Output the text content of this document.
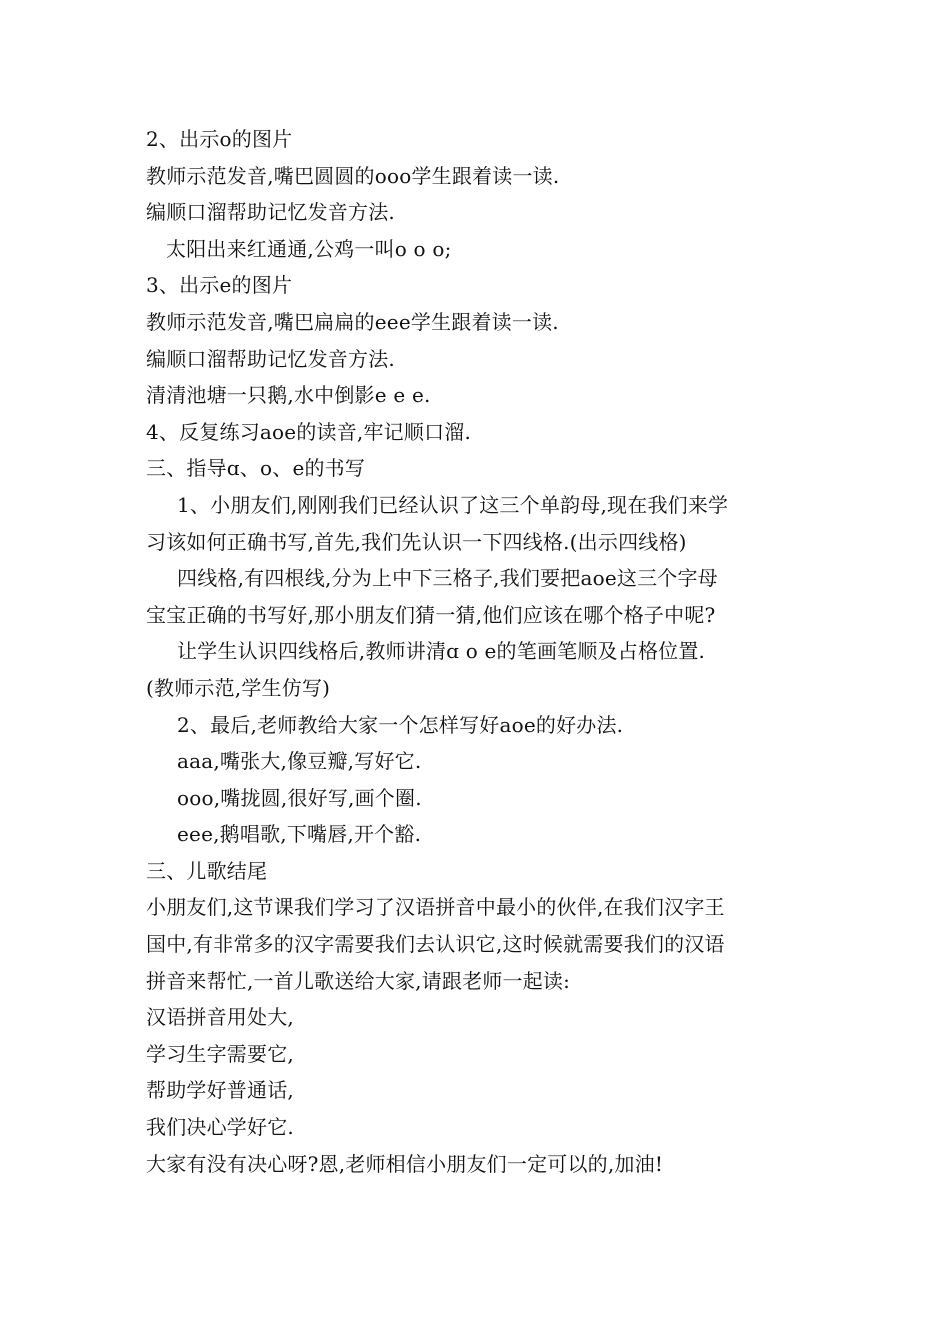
2、出示o的图片
教师示范发音,嘴巴圆圆的ooo学生跟着读一读.
编顺口溜帮助记忆发音方法.
太阳出来红通通,公鸡一叫o o o;
3、出示e的图片
教师示范发音,嘴巴扁扁的eee学生跟着读一读.
编顺口溜帮助记忆发音方法.
清清池塘一只鹅,水中倒影e e e.
4、反复练习aoe的读音,牢记顺口溜.
三、指导ɑ、o、e的书写
1、小朋友们,刚刚我们已经认识了这三个单韵母,现在我们来学
习该如何正确书写,首先,我们先认识一下四线格.(出示四线格)
四线格,有四根线,分为上中下三格子,我们要把aoe这三个字母
宝宝正确的书写好,那小朋友们猜一猜,他们应该在哪个格子中呢?
让学生认识四线格后,教师讲清ɑ o e的笔画笔顺及占格位置.
(教师示范,学生仿写)
2、最后,老师教给大家一个怎样写好aoe的好办法.
aaa,嘴张大,像豆瓣,写好它.
ooo,嘴拢圆,很好写,画个圈.
eee,鹅唱歌,下嘴唇,开个豁.
三、儿歌结尾
小朋友们,这节课我们学习了汉语拼音中最小的伙伴,在我们汉字王
国中,有非常多的汉字需要我们去认识它,这时候就需要我们的汉语
拼音来帮忙,一首儿歌送给大家,请跟老师一起读:
汉语拼音用处大,
学习生字需要它,
帮助学好普通话,
我们决心学好它.
大家有没有决心呀?恩,老师相信小朋友们一定可以的,加油!
